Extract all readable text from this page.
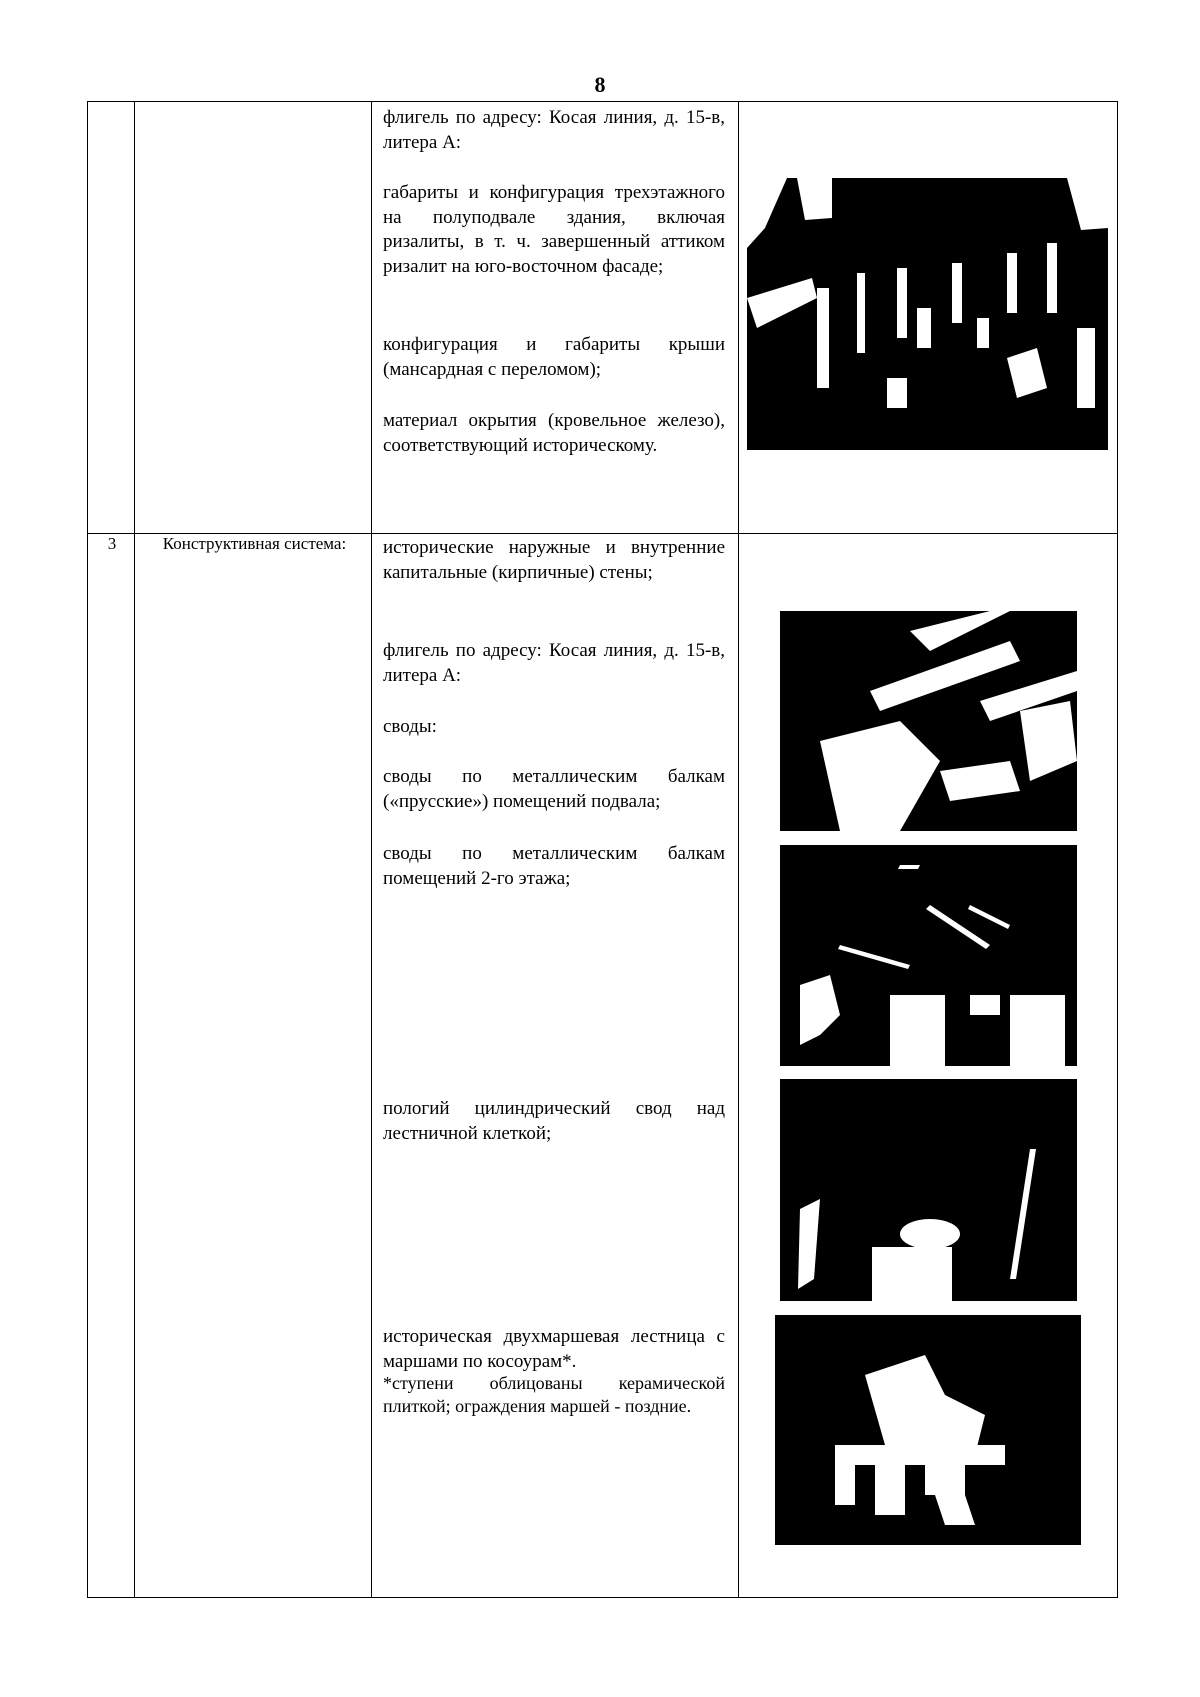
8

флигель по адресу: Косая линия, д. 15-в, литера А:

габариты и конфигурация трехэтажного на полуподвале здания, включая ризалиты, в т. ч. завершенный аттиком ризалит на юго-восточном фасаде;

конфигурация и габариты крыши (мансардная с переломом);

материал окрытия (кровельное железо), соответствующий историческому.

3	Конструктивная система:	исторические наружные и внутренние капитальные (кирпичные) стены;

флигель по адресу: Косая линия, д. 15-в, литера А:

своды:

своды по металлическим балкам («прусские») помещений подвала;

своды по металлическим балкам помещений 2-го этажа;

пологий цилиндрический свод над лестничной клеткой;

историческая двухмаршевая лестница с маршами по косоурам*.

*ступени облицованы керамической плиткой; ограждения маршей - поздние.
